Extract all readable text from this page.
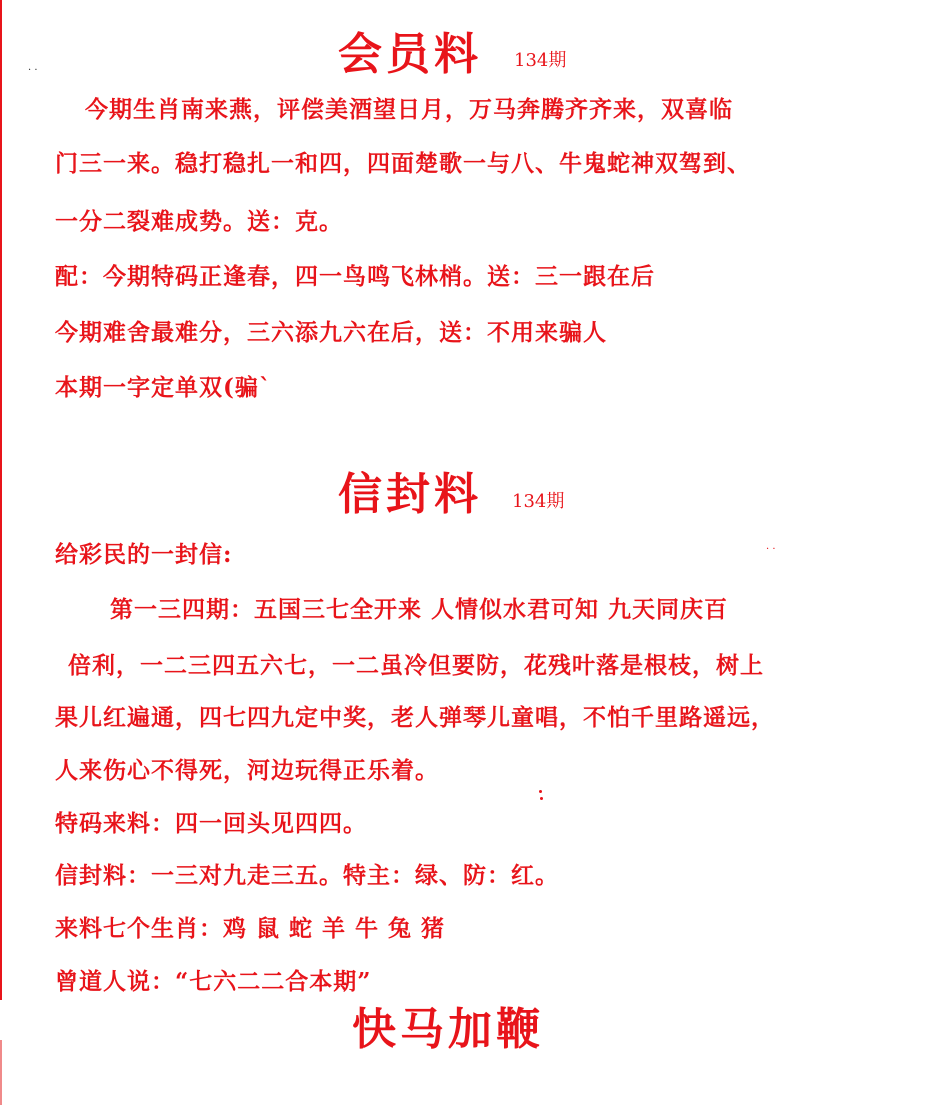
· ·
· ·
会员料 134期
今期生肖南来燕，评偿美酒望日月，万马奔腾齐齐来，双喜临
门三一来。稳打稳扎一和四，四面楚歌一与八、牛鬼蛇神双驾到、
一分二裂难成势。送：克。
配：今期特码正逢春，四一鸟鸣飞林梢。送：三一跟在后
今期难舍最难分，三六添九六在后，送：不用来骗人
本期一字定单双(骗`
信封料 134期
给彩民的一封信:
第一三四期：五国三七全开来 人情似水君可知 九天同庆百
倍利，一二三四五六七，一二虽冷但要防，花残叶落是根枝，树上
果儿红遍通，四七四九定中奖，老人弹琴儿童唱，不怕千里路遥远，
人来伤心不得死，河边玩得正乐着。
特码来料：四一回头见四四。
信封料：一三对九走三五。特主：绿、防：红。
来料七个生肖：鸡 鼠 蛇 羊 牛 兔 猪
曾道人说：“七六二二合本期”
快马加鞭
